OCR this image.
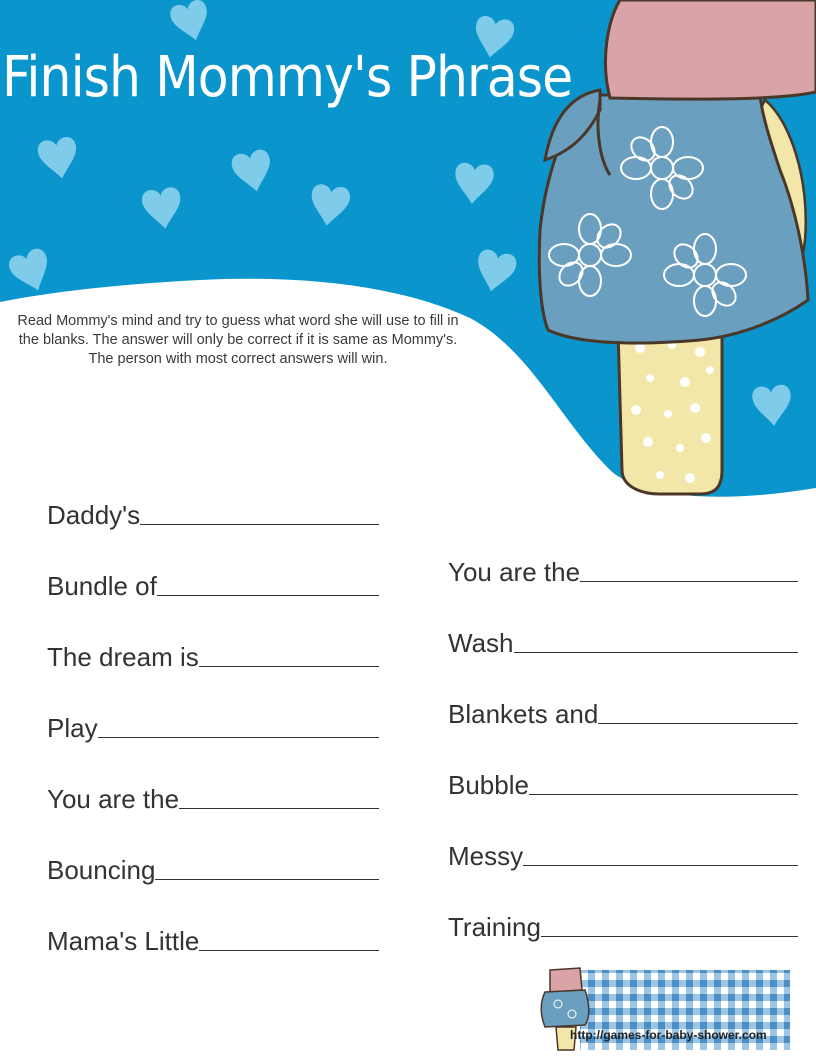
Finish Mommy's Phrase

Read Mommy's mind and try to guess what word she will use to fill in the blanks. The answer will only be correct if it is same as Mommy's. The person with most correct answers will win.

Daddy's
Bundle of
The dream is
Play
You are the
Bouncing
Mama's Little
You are the
Wash
Blankets and
Bubble
Messy
Training
http://games-for-baby-shower.com
